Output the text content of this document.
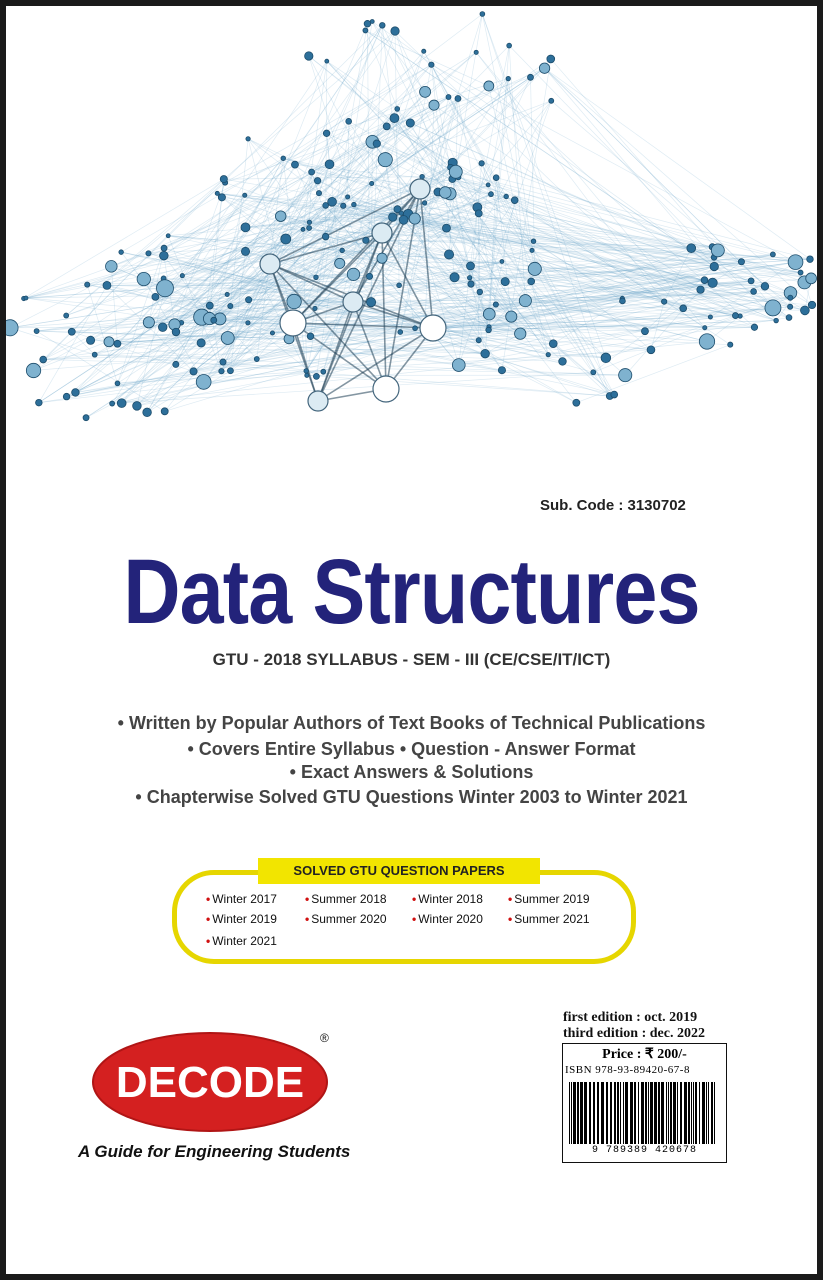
Sub. Code : 3130702
Data Structures
GTU - 2018 SYLLABUS - SEM - III (CE/CSE/IT/ICT)
• Written by Popular Authors of Text Books of Technical Publications
• Covers Entire Syllabus • Question - Answer Format
• Exact Answers & Solutions
• Chapterwise Solved GTU Questions Winter 2003 to Winter 2021
SOLVED GTU QUESTION PAPERS
• Winter 2017 • Summer 2018 • Winter 2018 • Summer 2019
• Winter 2019 • Summer 2020 • Winter 2020 • Summer 2021
• Winter 2021
first edition : oct. 2019
third edition : dec. 2022
Price : ₹ 200/-
ISBN 978-93-89420-67-8
9 789389 420678
DECODE
®
A Guide for Engineering Students
